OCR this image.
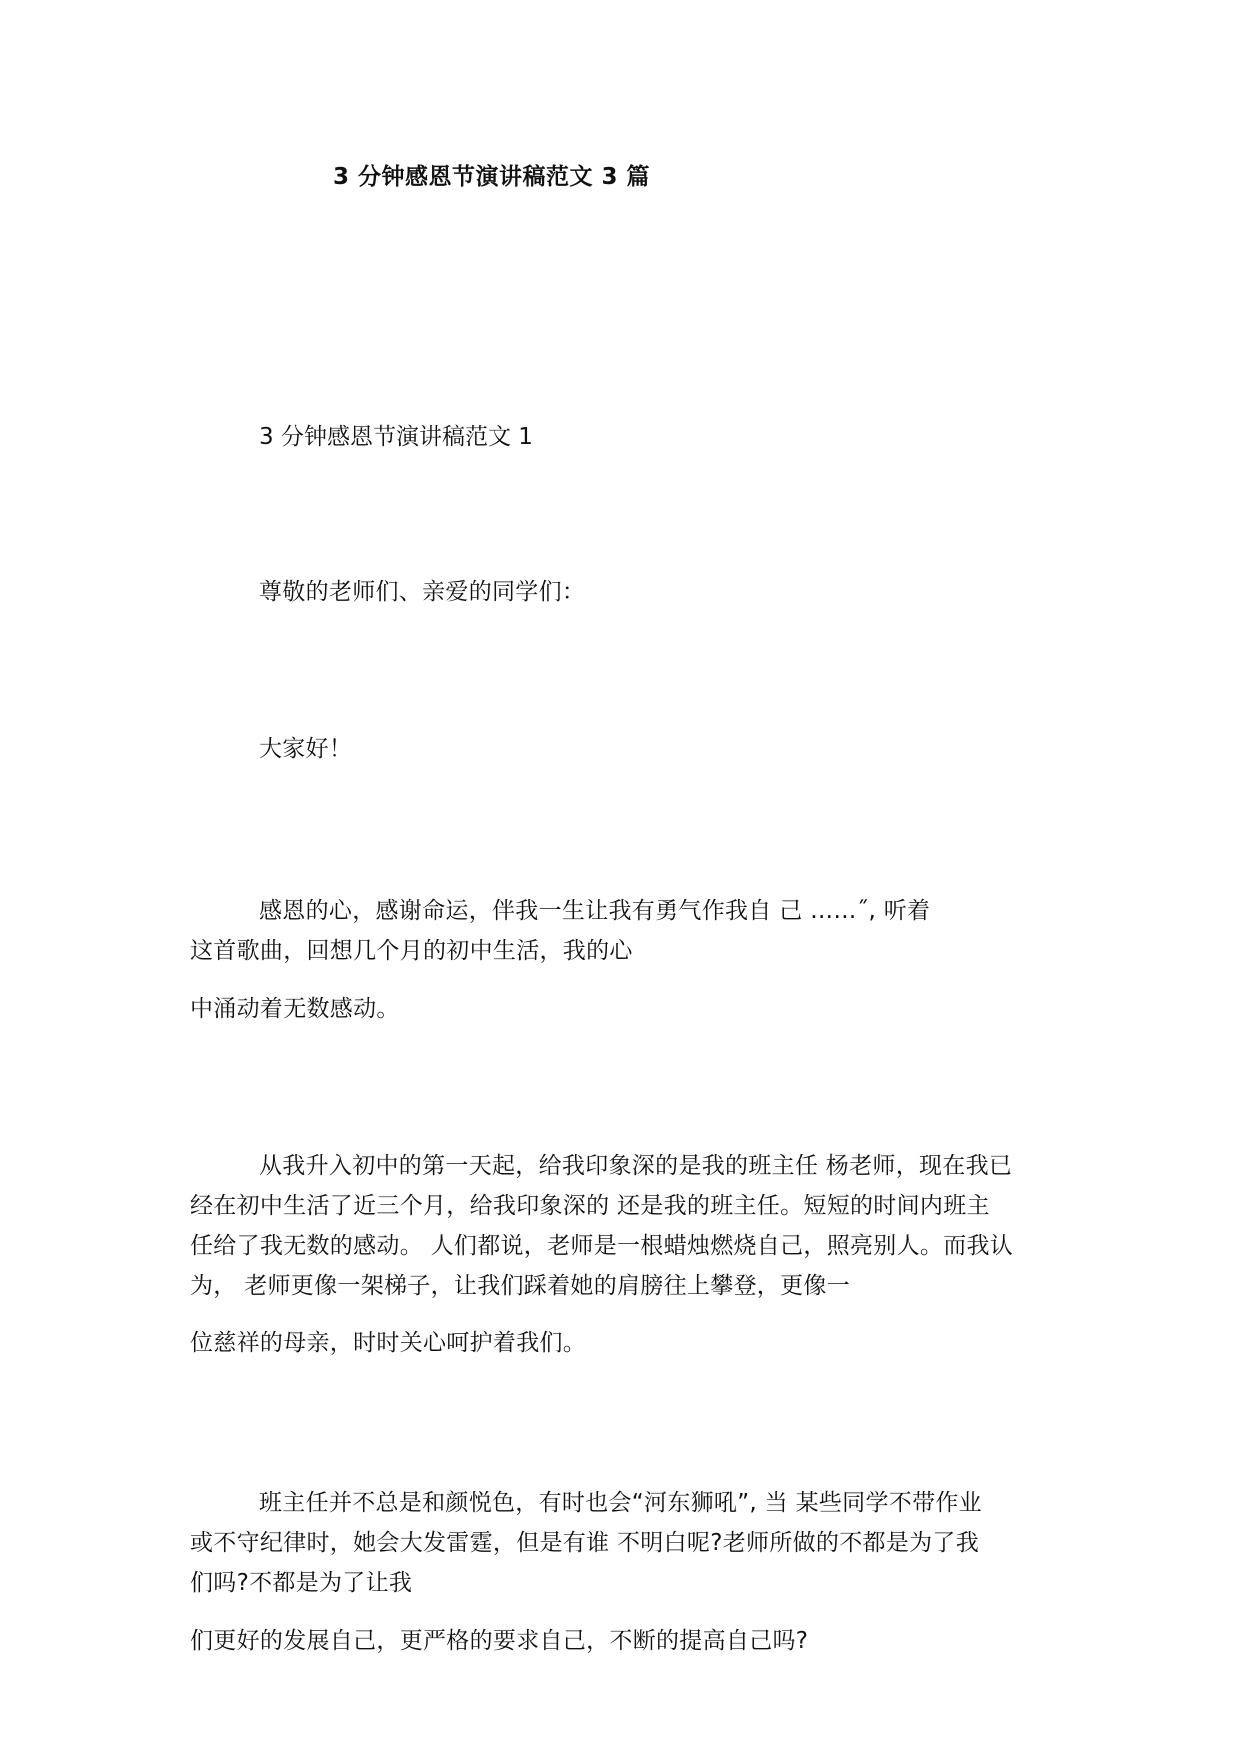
3 分钟感恩节演讲稿范文 3 篇
3 分钟感恩节演讲稿范文 1
尊敬的老师们、亲爱的同学们：
大家好！
感恩的心，感谢命运，伴我一生让我有勇气作我自 己 ……˝, 听着
这首歌曲，回想几个月的初中生活，我的心
中涌动着无数感动。
从我升入初中的第一天起，给我印象深的是我的班主任 杨老师，现在我已
经在初中生活了近三个月，给我印象深的 还是我的班主任。短短的时间内班主
任给了我无数的感动。 人们都说，老师是一根蜡烛燃烧自己，照亮别人。而我认
为， 老师更像一架梯子，让我们踩着她的肩膀往上攀登，更像一
位慈祥的母亲，时时关心呵护着我们。
班主任并不总是和颜悦色，有时也会“河东狮吼”, 当 某些同学不带作业
或不守纪律时，她会大发雷霆，但是有谁 不明白呢?老师所做的不都是为了我
们吗?不都是为了让我
们更好的发展自己，更严格的要求自己，不断的提高自己吗?
